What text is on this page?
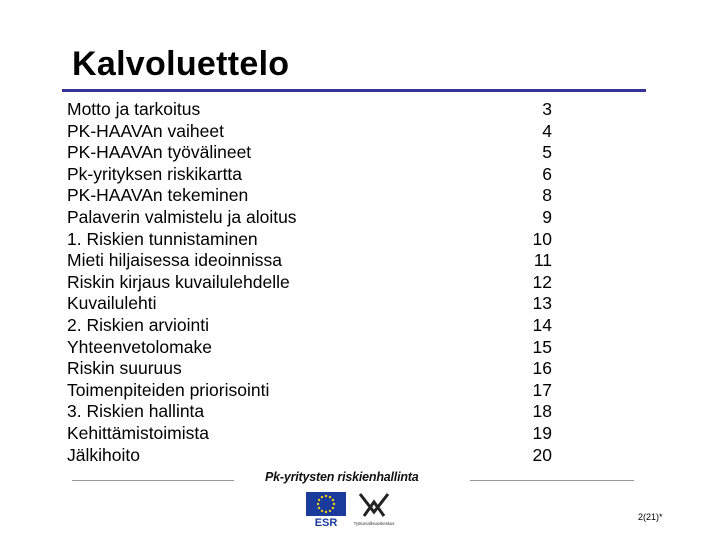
Kalvoluettelo
Motto ja tarkoitus	3
PK-HAAVAn vaiheet	4
PK-HAAVAn työvälineet	5
Pk-yrityksen riskikartta	6
PK-HAAVAn tekeminen	8
Palaverin valmistelu ja aloitus	9
1. Riskien tunnistaminen	10
Mieti hiljaisessa ideoinnissa	11
Riskin kirjaus kuvailulehdelle	12
Kuvailulehti	13
2. Riskien arviointi	14
Yhteenvetolomake	15
Riskin suuruus	16
Toimenpiteiden priorisointi	17
3. Riskien hallinta	18
Kehittämistoimista	19
Jälkihoito	20
Pk-yritysten riskienhallinta
ESR	Työturvallisuuskeskus
2(21)*
